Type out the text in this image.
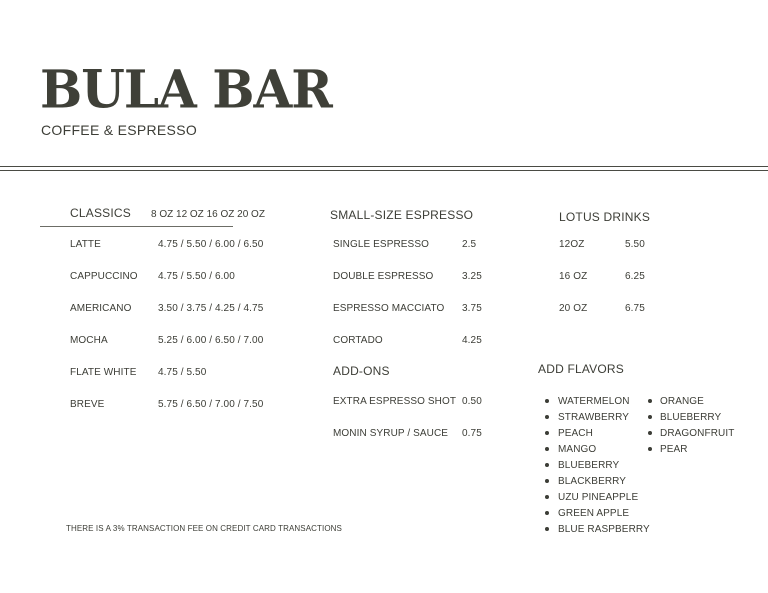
BULA BAR
COFFEE & ESPRESSO
CLASSICS 8 OZ 12 OZ 16 OZ 20 OZ
LATTE	4.75 / 5.50 / 6.00 / 6.50
CAPPUCCINO 4.75 / 5.50 / 6.00
AMERICANO	3.50 / 3.75 / 4.25 / 4.75
MOCHA	5.25 / 6.00 / 6.50 / 7.00
FLATE WHITE 4.75 / 5.50
BREVE	5.75 / 6.50 / 7.00 / 7.50
SMALL-SIZE ESPRESSO
SINGLE ESPRESSO	2.5
DOUBLE ESPRESSO	3.25
ESPRESSO MACCIATO 3.75
CORTADO	4.25
ADD-ONS
EXTRA ESPRESSO SHOT 0.50
MONIN SYRUP / SAUCE 0.75
LOTUS DRINKS
12OZ	5.50
16 OZ	6.25
20 OZ	6.75
ADD FLAVORS
WATERMELON
STRAWBERRY
PEACH
MANGO
BLUEBERRY
BLACKBERRY
UZU PINEAPPLE
GREEN APPLE
BLUE RASPBERRY
ORANGE
BLUEBERRY
DRAGONFRUIT
PEAR
THERE IS A 3% TRANSACTION FEE ON CREDIT CARD TRANSACTIONS
